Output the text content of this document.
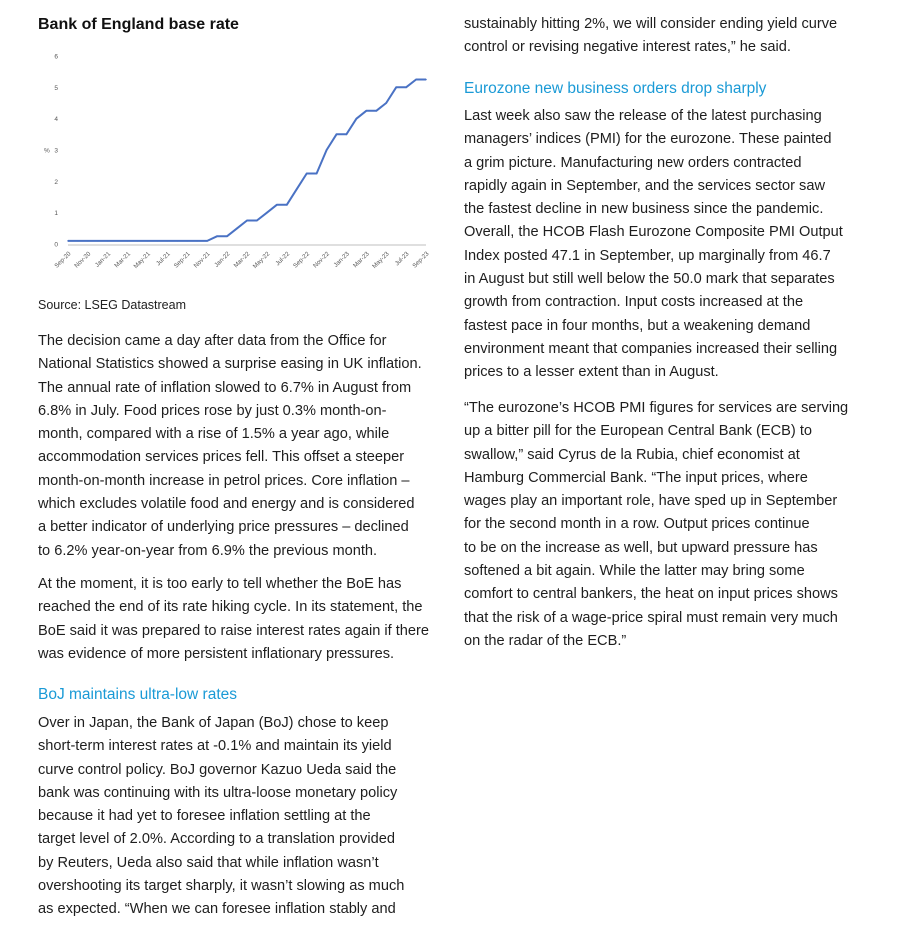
Bank of England base rate
0
1
2
3
4
5
6
%
Sep-20 Nov-20 Jan-21 Mar-21 May-21 Jul-21 Sep-21 Nov-21 Jan-22 Mar-22 May-22 Jul-22 Sep-22 Nov-22 Jan-23 Mar-23 May-23 Jul-23 Sep-23

Source: LSEG Datastream

The decision came a day after data from the Office for
National Statistics showed a surprise easing in UK inflation.
The annual rate of inflation slowed to 6.7% in August from
6.8% in July. Food prices rose by just 0.3% month-on-
month, compared with a rise of 1.5% a year ago, while
accommodation services prices fell. This offset a steeper
month-on-month increase in petrol prices. Core inflation –
which excludes volatile food and energy and is considered
a better indicator of underlying price pressures – declined
to 6.2% year-on-year from 6.9% the previous month.

At the moment, it is too early to tell whether the BoE has
reached the end of its rate hiking cycle. In its statement, the
BoE said it was prepared to raise interest rates again if there
was evidence of more persistent inflationary pressures.

BoJ maintains ultra-low rates

Over in Japan, the Bank of Japan (BoJ) chose to keep
short-term interest rates at -0.1% and maintain its yield
curve control policy. BoJ governor Kazuo Ueda said the
bank was continuing with its ultra-loose monetary policy
because it had yet to foresee inflation settling at the
target level of 2.0%. According to a translation provided
by Reuters, Ueda also said that while inflation wasn’t
overshooting its target sharply, it wasn’t slowing as much
as expected. “When we can foresee inflation stably and

sustainably hitting 2%, we will consider ending yield curve
control or revising negative interest rates,” he said.

Eurozone new business orders drop sharply

Last week also saw the release of the latest purchasing
managers’ indices (PMI) for the eurozone. These painted
a grim picture. Manufacturing new orders contracted
rapidly again in September, and the services sector saw
the fastest decline in new business since the pandemic.
Overall, the HCOB Flash Eurozone Composite PMI Output
Index posted 47.1 in September, up marginally from 46.7
in August but still well below the 50.0 mark that separates
growth from contraction. Input costs increased at the
fastest pace in four months, but a weakening demand
environment meant that companies increased their selling
prices to a lesser extent than in August.

“The eurozone’s HCOB PMI figures for services are serving
up a bitter pill for the European Central Bank (ECB) to
swallow,” said Cyrus de la Rubia, chief economist at
Hamburg Commercial Bank. “The input prices, where
wages play an important role, have sped up in September
for the second month in a row. Output prices continue
to be on the increase as well, but upward pressure has
softened a bit again. While the latter may bring some
comfort to central bankers, the heat on input prices shows
that the risk of a wage-price spiral must remain very much
on the radar of the ECB.”
